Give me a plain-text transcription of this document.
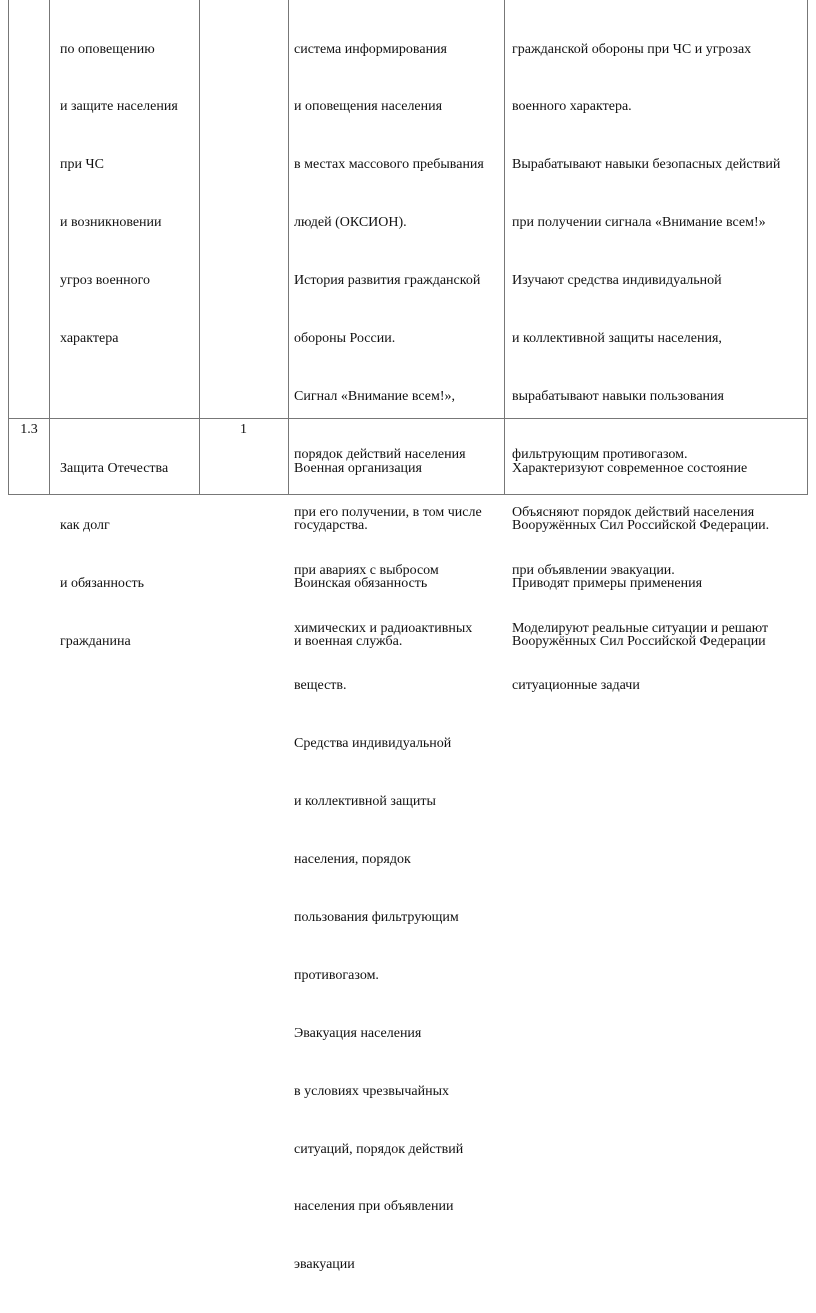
по оповещению

и защите населения

при ЧС

и возникновении

угроз военного

характера

система информирования

и оповещения населения

в местах массового пребывания

людей (ОКСИОН).

История развития гражданской

обороны России.

Сигнал «Внимание всем!»,

порядок действий населения

при его получении, в том числе

при авариях с выбросом

химических и радиоактивных

веществ.

Средства индивидуальной

и коллективной защиты

населения, порядок

пользования фильтрующим

противогазом.

Эвакуация населения

в условиях чрезвычайных

ситуаций, порядок действий

населения при объявлении

эвакуации

гражданской обороны при ЧС и угрозах

военного характера.

Вырабатывают навыки безопасных действий

при получении сигнала «Внимание всем!»

Изучают средства индивидуальной

и коллективной защиты населения,

вырабатывают навыки пользования

фильтрующим противогазом.

Объясняют порядок действий населения

при объявлении эвакуации.

Моделируют реальные ситуации и решают

ситуационные задачи

1.3

Защита Отечества

как долг

и обязанность

гражданина

1

Военная организация

государства.

Воинская обязанность

и военная служба.

Характеризуют современное состояние

Вооружённых Сил Российской Федерации.

Приводят примеры применения

Вооружённых Сил Российской Федерации
